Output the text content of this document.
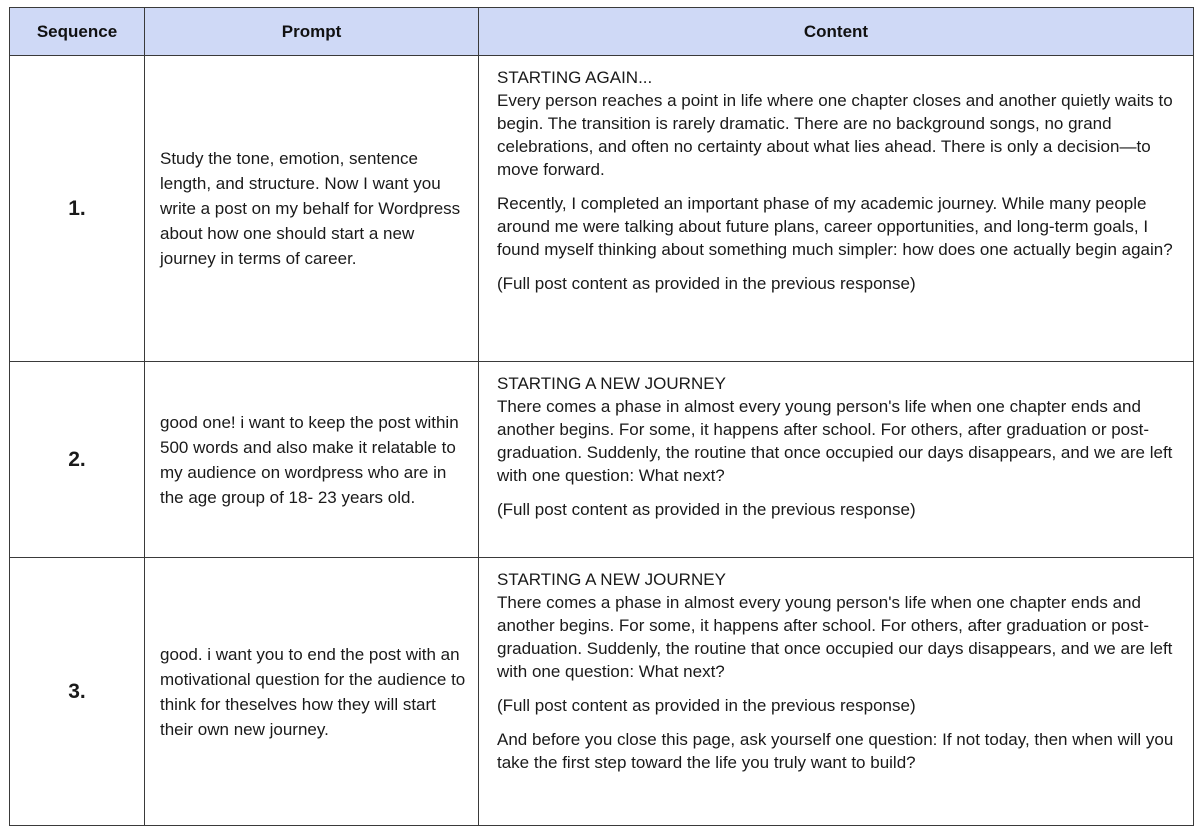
Sequence	Prompt	Content
1.	Study the tone, emotion, sentence length, and structure. Now I want you write a post on my behalf for Wordpress about how one should start a new journey in terms of career.	STARTING AGAIN...

Every person reaches a point in life where one chapter closes and another quietly waits to begin. The transition is rarely dramatic. There are no background songs, no grand celebrations, and often no certainty about what lies ahead. There is only a decision—to move forward.

Recently, I completed an important phase of my academic journey. While many people around me were talking about future plans, career opportunities, and long-term goals, I found myself thinking about something much simpler: how does one actually begin again?

(Full post content as provided in the previous response)

2.	good one! i want to keep the post within 500 words and also make it relatable to my audience on wordpress who are in the age group of 18- 23 years old.	STARTING A NEW JOURNEY

There comes a phase in almost every young person's life when one chapter ends and another begins. For some, it happens after school. For others, after graduation or post-graduation. Suddenly, the routine that once occupied our days disappears, and we are left with one question: What next?

(Full post content as provided in the previous response)

3.	good. i want you to end the post with an motivational question for the audience to think for theselves how they will start their own new journey.	STARTING A NEW JOURNEY

There comes a phase in almost every young person's life when one chapter ends and another begins. For some, it happens after school. For others, after graduation or post-graduation. Suddenly, the routine that once occupied our days disappears, and we are left with one question: What next?

(Full post content as provided in the previous response)

And before you close this page, ask yourself one question: If not today, then when will you take the first step toward the life you truly want to build?
